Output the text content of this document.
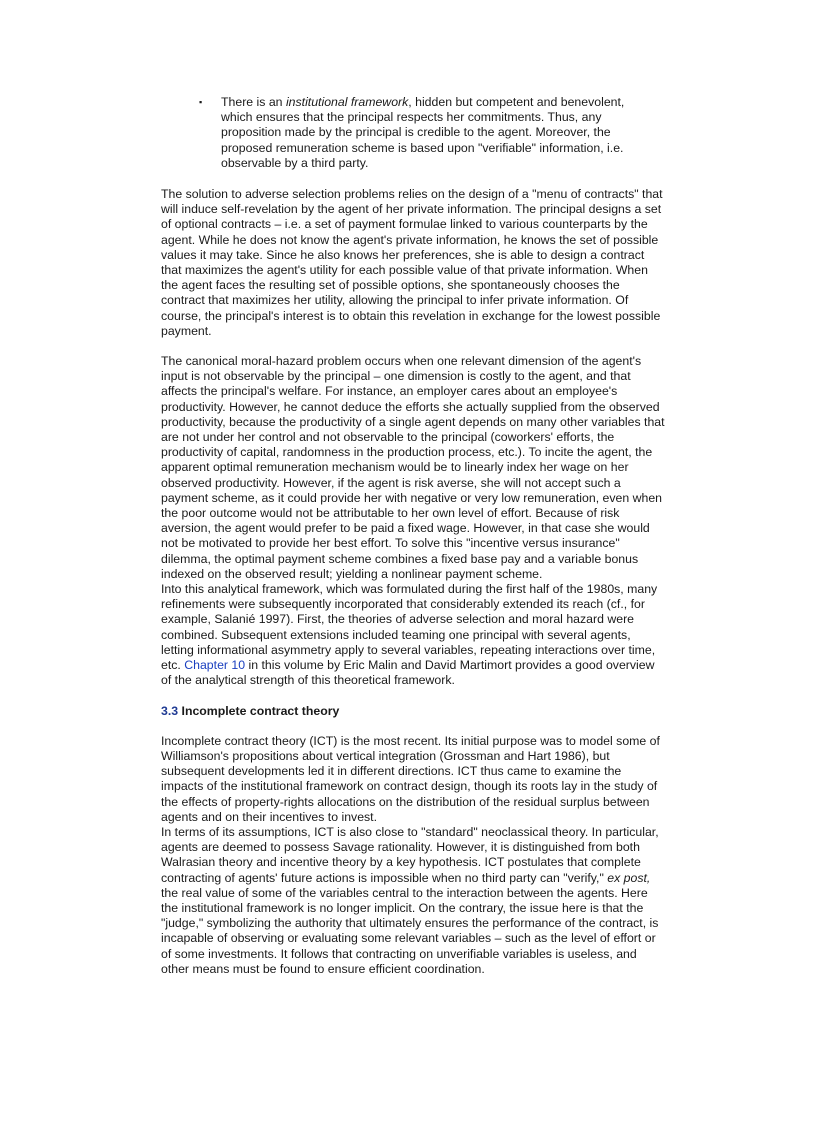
▪ There is an institutional framework, hidden but competent and benevolent, which ensures that the principal respects her commitments. Thus, any proposition made by the principal is credible to the agent. Moreover, the proposed remuneration scheme is based upon "verifiable" information, i.e. observable by a third party.

The solution to adverse selection problems relies on the design of a "menu of contracts" that will induce self-revelation by the agent of her private information. The principal designs a set of optional contracts – i.e. a set of payment formulae linked to various counterparts by the agent. While he does not know the agent's private information, he knows the set of possible values it may take. Since he also knows her preferences, she is able to design a contract that maximizes the agent's utility for each possible value of that private information. When the agent faces the resulting set of possible options, she spontaneously chooses the contract that maximizes her utility, allowing the principal to infer private information. Of course, the principal's interest is to obtain this revelation in exchange for the lowest possible payment.

The canonical moral-hazard problem occurs when one relevant dimension of the agent's input is not observable by the principal – one dimension is costly to the agent, and that affects the principal's welfare. For instance, an employer cares about an employee's productivity. However, he cannot deduce the efforts she actually supplied from the observed productivity, because the productivity of a single agent depends on many other variables that are not under her control and not observable to the principal (coworkers' efforts, the productivity of capital, randomness in the production process, etc.). To incite the agent, the apparent optimal remuneration mechanism would be to linearly index her wage on her observed productivity. However, if the agent is risk averse, she will not accept such a payment scheme, as it could provide her with negative or very low remuneration, even when the poor outcome would not be attributable to her own level of effort. Because of risk aversion, the agent would prefer to be paid a fixed wage. However, in that case she would not be motivated to provide her best effort. To solve this "incentive versus insurance" dilemma, the optimal payment scheme combines a fixed base pay and a variable bonus indexed on the observed result; yielding a nonlinear payment scheme.

Into this analytical framework, which was formulated during the first half of the 1980s, many refinements were subsequently incorporated that considerably extended its reach (cf., for example, Salanié 1997). First, the theories of adverse selection and moral hazard were combined. Subsequent extensions included teaming one principal with several agents, letting informational asymmetry apply to several variables, repeating interactions over time, etc. Chapter 10 in this volume by Eric Malin and David Martimort provides a good overview of the analytical strength of this theoretical framework.

3.3 Incomplete contract theory

Incomplete contract theory (ICT) is the most recent. Its initial purpose was to model some of Williamson's propositions about vertical integration (Grossman and Hart 1986), but subsequent developments led it in different directions. ICT thus came to examine the impacts of the institutional framework on contract design, though its roots lay in the study of the effects of property-rights allocations on the distribution of the residual surplus between agents and on their incentives to invest.

In terms of its assumptions, ICT is also close to "standard" neoclassical theory. In particular, agents are deemed to possess Savage rationality. However, it is distinguished from both Walrasian theory and incentive theory by a key hypothesis. ICT postulates that complete contracting of agents' future actions is impossible when no third party can "verify," ex post, the real value of some of the variables central to the interaction between the agents. Here the institutional framework is no longer implicit. On the contrary, the issue here is that the "judge," symbolizing the authority that ultimately ensures the performance of the contract, is incapable of observing or evaluating some relevant variables – such as the level of effort or of some investments. It follows that contracting on unverifiable variables is useless, and other means must be found to ensure efficient coordination.
